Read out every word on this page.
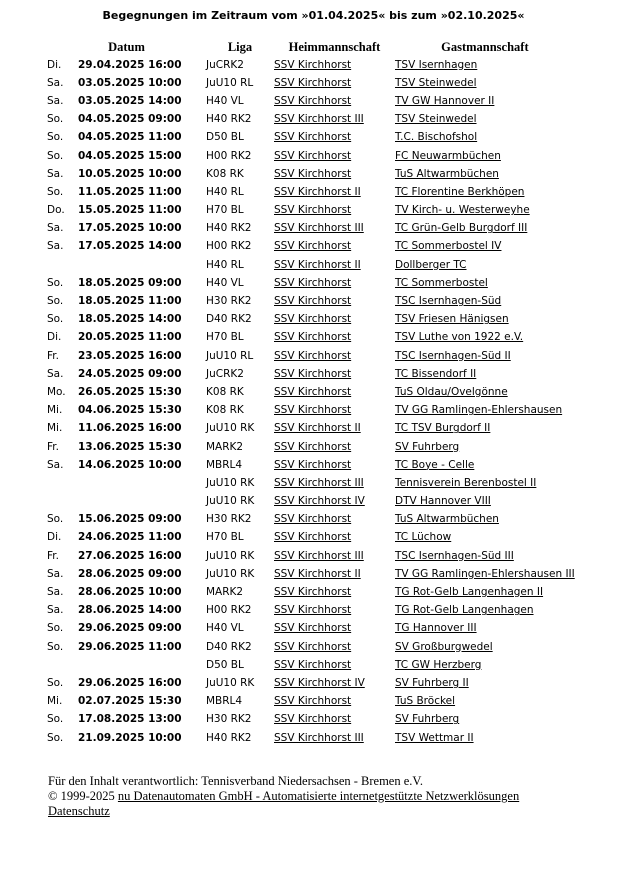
Begegnungen im Zeitraum vom »01.04.2025« bis zum »02.10.2025«
Datum		Liga	Heimmannschaft	Gastmannschaft
Di.	29.04.2025 16:00	JuCRK2	SSV Kirchhorst	TSV Isernhagen
Sa.	03.05.2025 10:00	JuU10 RL	SSV Kirchhorst	TSV Steinwedel
Sa.	03.05.2025 14:00	H40 VL	SSV Kirchhorst	TV GW Hannover II
So.	04.05.2025 09:00	H40 RK2	SSV Kirchhorst III	TSV Steinwedel
So.	04.05.2025 11:00	D50 BL	SSV Kirchhorst	T.C. Bischofshol
So.	04.05.2025 15:00	H00 RK2	SSV Kirchhorst	FC Neuwarmbüchen
Sa.	10.05.2025 10:00	K08 RK	SSV Kirchhorst	TuS Altwarmbüchen
So.	11.05.2025 11:00	H40 RL	SSV Kirchhorst II	TC Florentine Berkhöpen
Do.	15.05.2025 11:00	H70 BL	SSV Kirchhorst	TV Kirch- u. Westerweyhe
Sa.	17.05.2025 10:00	H40 RK2	SSV Kirchhorst III	TC Grün-Gelb Burgdorf III
Sa.	17.05.2025 14:00	H00 RK2	SSV Kirchhorst	TC Sommerbostel IV
		H40 RL	SSV Kirchhorst II	Dollberger TC
So.	18.05.2025 09:00	H40 VL	SSV Kirchhorst	TC Sommerbostel
So.	18.05.2025 11:00	H30 RK2	SSV Kirchhorst	TSC Isernhagen-Süd
So.	18.05.2025 14:00	D40 RK2	SSV Kirchhorst	TSV Friesen Hänigsen
Di.	20.05.2025 11:00	H70 BL	SSV Kirchhorst	TSV Luthe von 1922 e.V.
Fr.	23.05.2025 16:00	JuU10 RL	SSV Kirchhorst	TSC Isernhagen-Süd II
Sa.	24.05.2025 09:00	JuCRK2	SSV Kirchhorst	TC Bissendorf II
Mo.	26.05.2025 15:30	K08 RK	SSV Kirchhorst	TuS Oldau/Ovelgönne
Mi.	04.06.2025 15:30	K08 RK	SSV Kirchhorst	TV GG Ramlingen-Ehlershausen
Mi.	11.06.2025 16:00	JuU10 RK	SSV Kirchhorst II	TC TSV Burgdorf II
Fr.	13.06.2025 15:30	MARK2	SSV Kirchhorst	SV Fuhrberg
Sa.	14.06.2025 10:00	MBRL4	SSV Kirchhorst	TC Boye - Celle
		JuU10 RK	SSV Kirchhorst III	Tennisverein Berenbostel II
		JuU10 RK	SSV Kirchhorst IV	DTV Hannover VIII
So.	15.06.2025 09:00	H30 RK2	SSV Kirchhorst	TuS Altwarmbüchen
Di.	24.06.2025 11:00	H70 BL	SSV Kirchhorst	TC Lüchow
Fr.	27.06.2025 16:00	JuU10 RK	SSV Kirchhorst III	TSC Isernhagen-Süd III
Sa.	28.06.2025 09:00	JuU10 RK	SSV Kirchhorst II	TV GG Ramlingen-Ehlershausen III
Sa.	28.06.2025 10:00	MARK2	SSV Kirchhorst	TG Rot-Gelb Langenhagen II
Sa.	28.06.2025 14:00	H00 RK2	SSV Kirchhorst	TG Rot-Gelb Langenhagen
So.	29.06.2025 09:00	H40 VL	SSV Kirchhorst	TG Hannover III
So.	29.06.2025 11:00	D40 RK2	SSV Kirchhorst	SV Großburgwedel
		D50 BL	SSV Kirchhorst	TC GW Herzberg
So.	29.06.2025 16:00	JuU10 RK	SSV Kirchhorst IV	SV Fuhrberg II
Mi.	02.07.2025 15:30	MBRL4	SSV Kirchhorst	TuS Bröckel
So.	17.08.2025 13:00	H30 RK2	SSV Kirchhorst	SV Fuhrberg
So.	21.09.2025 10:00	H40 RK2	SSV Kirchhorst III	TSV Wettmar II
Für den Inhalt verantwortlich: Tennisverband Niedersachsen - Bremen e.V.
© 1999-2025 nu Datenautomaten GmbH - Automatisierte internetgestützte Netzwerklösungen
Datenschutz
